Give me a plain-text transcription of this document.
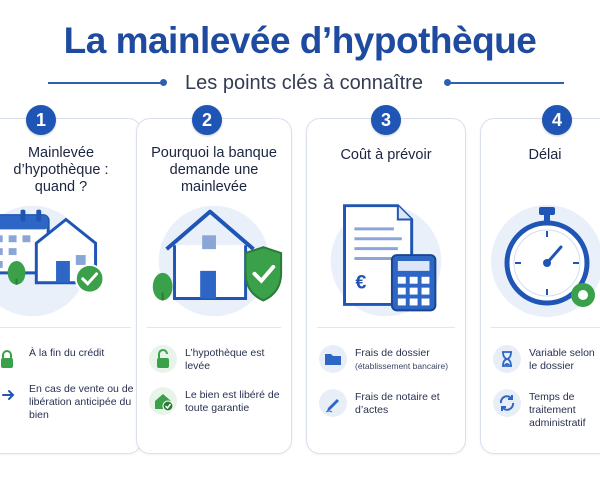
La mainlevée d’hypothèque
Les points clés à connaître
Mainlevée
d’hypothèque :
quand ?
À la fin du crédit
En cas de vente ou de libération anticipée du bien
1
Pourquoi la banque
demande une
mainlevée
L’hypothèque est levée
Le bien est libéré de toute garantie
2
Coût à prévoir
€
Frais de dossier
(établissement bancaire)
Frais de notaire et d’actes
3
Délai
Variable selon le dossier
Temps de traitement administratif
4
